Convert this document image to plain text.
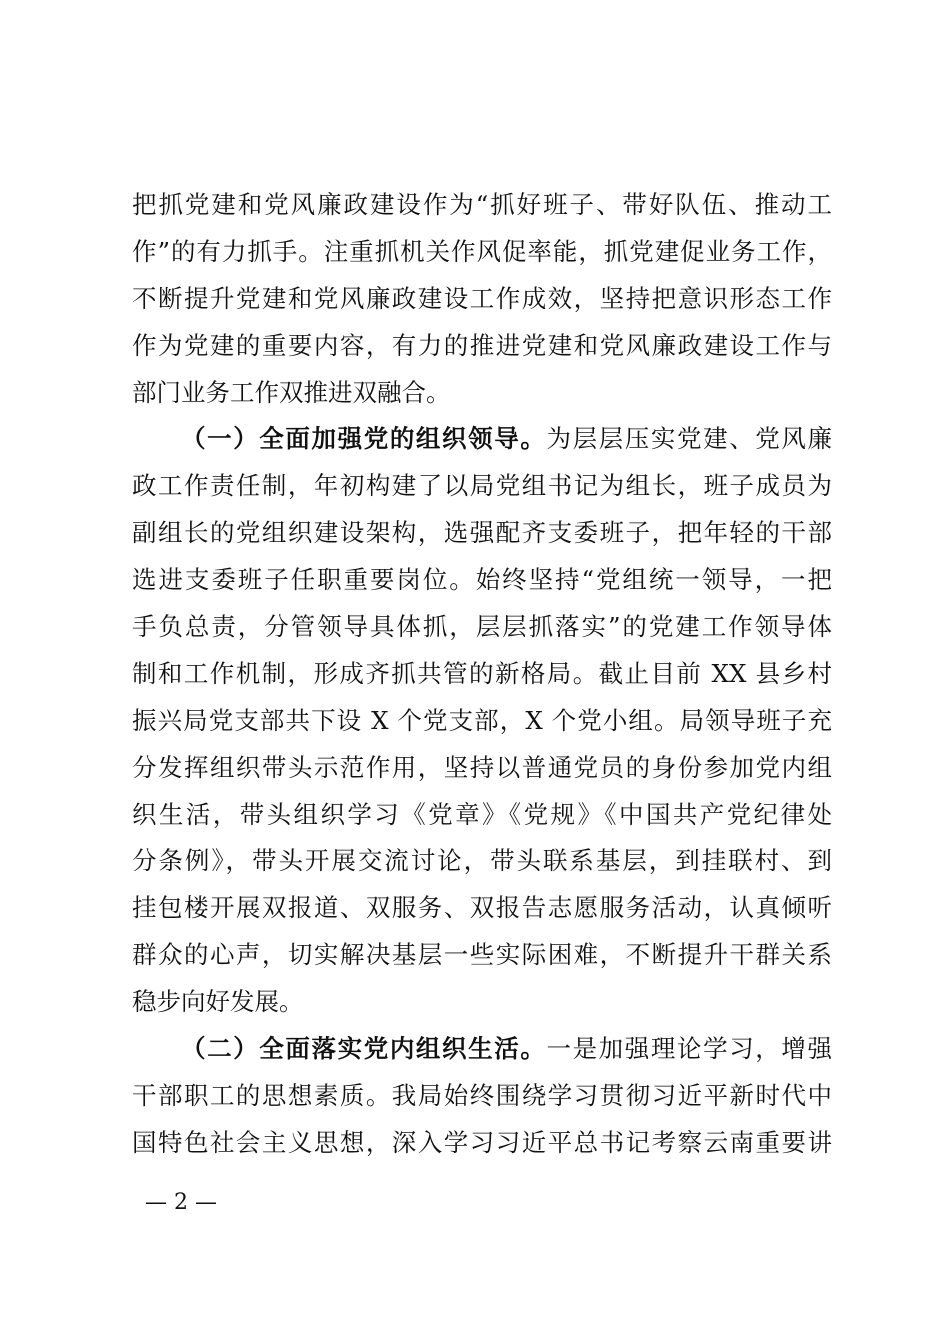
把抓党建和党风廉政建设作为“抓好班子、带好队伍、推动工
作”的有力抓手。注重抓机关作风促率能，抓党建促业务工作，
不断提升党建和党风廉政建设工作成效，坚持把意识形态工作
作为党建的重要内容，有力的推进党建和党风廉政建设工作与
部门业务工作双推进双融合。
（一）全面加强党的组织领导。为层层压实党建、党风廉
政工作责任制，年初构建了以局党组书记为组长，班子成员为
副组长的党组织建设架构，选强配齐支委班子，把年轻的干部
选进支委班子任职重要岗位。始终坚持“党组统一领导，一把
手负总责，分管领导具体抓，层层抓落实”的党建工作领导体
制和工作机制，形成齐抓共管的新格局。截止目前 XX 县乡村
振兴局党支部共下设 X 个党支部，X 个党小组。局领导班子充
分发挥组织带头示范作用，坚持以普通党员的身份参加党内组
织生活，带头组织学习《党章》《党规》《中国共产党纪律处
分条例》，带头开展交流讨论，带头联系基层，到挂联村、到
挂包楼开展双报道、双服务、双报告志愿服务活动，认真倾听
群众的心声，切实解决基层一些实际困难，不断提升干群关系
稳步向好发展。
（二）全面落实党内组织生活。一是加强理论学习，增强
干部职工的思想素质。我局始终围绕学习贯彻习近平新时代中
国特色社会主义思想，深入学习习近平总书记考察云南重要讲
— 2 —
